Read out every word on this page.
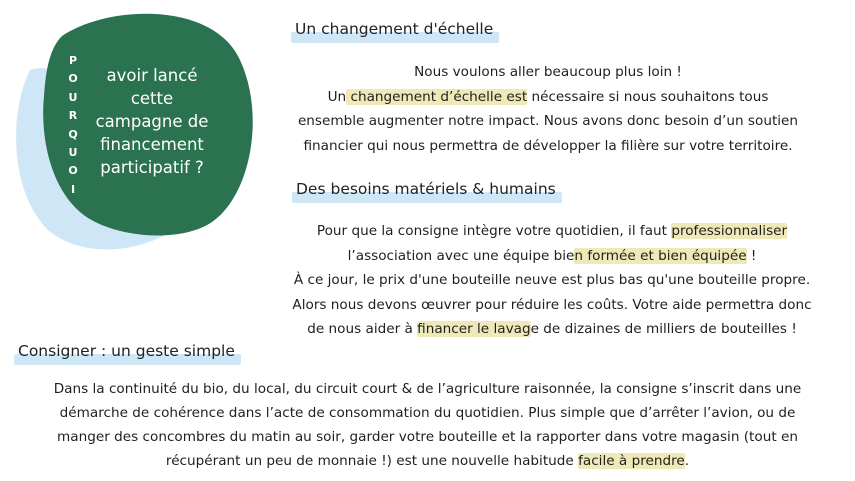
P
O
U
R
Q
U
O
I
avoir lancé cette campagne de financement participatif ?
Un changement d'échelle
Nous voulons aller beaucoup plus loin !
Un changement d’échelle est nécessaire si nous souhaitons tous
ensemble augmenter notre impact. Nous avons donc besoin d’un soutien
financier qui nous permettra de développer la filière sur votre territoire.
Des besoins matériels & humains
Pour que la consigne intègre votre quotidien, il faut professionnaliser
l’association avec une équipe bien formée et bien équipée !
À ce jour, le prix d'une bouteille neuve est plus bas qu'une bouteille propre.
Alors nous devons œuvrer pour réduire les coûts. Votre aide permettra donc
de nous aider à financer le lavage de dizaines de milliers de bouteilles !
Consigner : un geste simple
Dans la continuité du bio, du local, du circuit court & de l’agriculture raisonnée, la consigne s’inscrit dans une
démarche de cohérence dans l’acte de consommation du quotidien. Plus simple que d’arrêter l’avion, ou de
manger des concombres du matin au soir, garder votre bouteille et la rapporter dans votre magasin (tout en
récupérant un peu de monnaie !) est une nouvelle habitude facile à prendre.
